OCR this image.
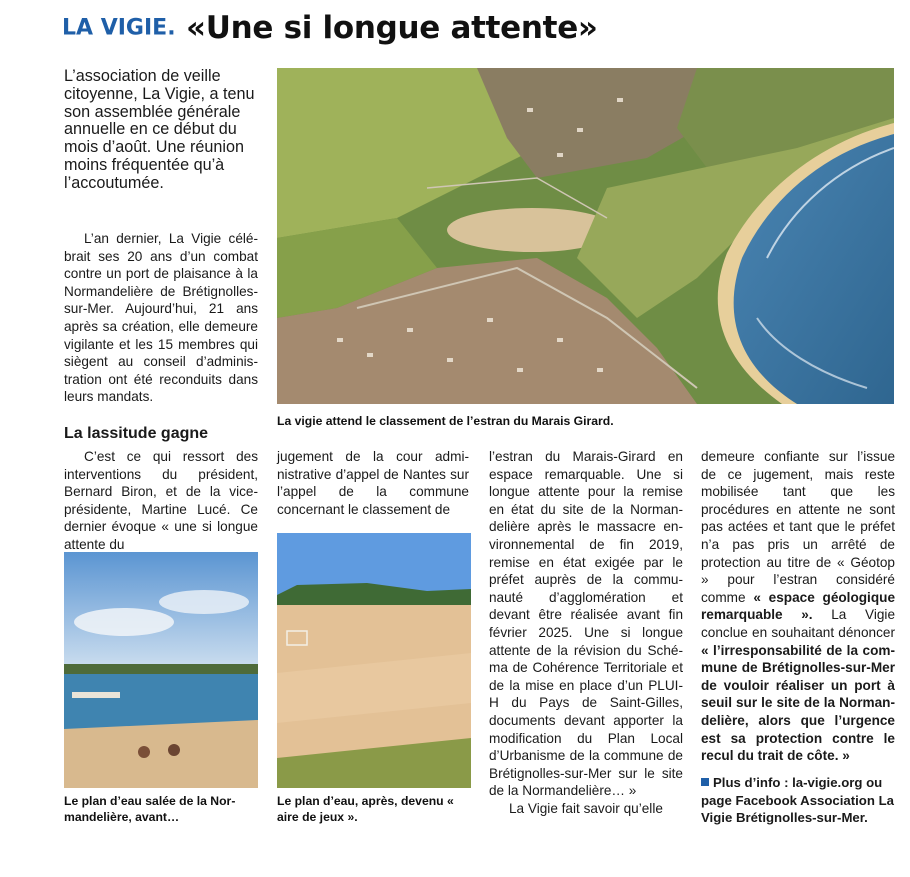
LA VIGIE. «Une si longue attente»

L’association de veille citoyenne, La Vigie, a tenu son assemblée générale annuelle en ce début du mois d’août. Une réunion moins fréquentée qu’à l’accoutumée.

L’an dernier, La Vigie célébrait ses 20 ans d’un combat contre un port de plaisance à la Normandelière de Brétignolles-sur-Mer. Aujourd’hui, 21 ans après sa création, elle demeure vigilante et les 15 membres qui siègent au conseil d’administration ont été reconduits dans leurs mandats.

La vigie attend le classement de l’estran du Marais Girard.

La lassitude gagne

C’est ce qui ressort des interventions du président, Bernard Biron, et de la vice-présidente, Martine Lucé. Ce dernier évoque « une si longue attente du

jugement de la cour administrative d’appel de Nantes sur l’appel de la commune concernant le classement de

l’estran du Marais-Girard en espace remarquable. Une si longue attente pour la remise en état du site de la Normandelière après le massacre environnemental de fin 2019, remise en état exigée par le préfet auprès de la communauté d’agglomération et devant être réalisée avant fin février 2025. Une si longue attente de la révision du Schéma de Cohérence Territoriale et de la mise en place d’un PLUI-H du Pays de Saint-Gilles, documents devant apporter la modification du Plan Local d’Urbanisme de la commune de Brétignolles-sur-Mer sur le site de la Normandelière… »

La Vigie fait savoir qu’elle

demeure confiante sur l’issue de ce jugement, mais reste mobilisée tant que les procédures en attente ne sont pas actées et tant que le préfet n’a pas pris un arrêté de protection au titre de « Géotop » pour l’estran considéré comme « espace géologique remarquable ». La Vigie conclue en souhaitant dénoncer « l’irresponsabilité de la commune de Brétignolles-sur-Mer de vouloir réaliser un port à seuil sur le site de la Normandelière, alors que l’urgence est sa protection contre le recul du trait de côte. »

Plus d’info : la-vigie.org ou page Facebook Association La Vigie Brétignolles-sur-Mer.

Le plan d’eau salée de la Normandelière, avant…

Le plan d’eau, après, devenu « aire de jeux ».
